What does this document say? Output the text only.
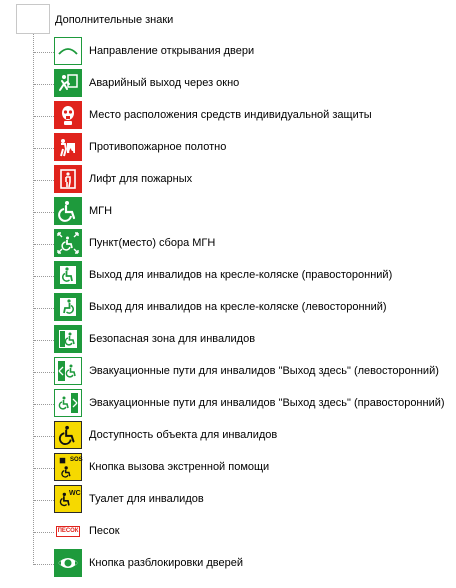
Дополнительные знаки
Направление открывания двери
Аварийный выход через окно
Место расположения средств индивидуальной защиты
Противопожарное полотно
Лифт для пожарных
МГН
Пункт(место) сбора МГН
Выход для инвалидов на кресле-коляске (правосторонний)
Выход для инвалидов на кресле-коляске (левосторонний)
Безопасная зона для инвалидов
Эвакуационные пути для инвалидов "Выход здесь" (левосторонний)
Эвакуационные пути для инвалидов "Выход здесь" (правосторонний)
Доступность объекта для инвалидов
SOS
Кнопка вызова экстренной помощи
WC Туалет для инвалидов
ПЕСОК Песок
Кнопка разблокировки дверей
